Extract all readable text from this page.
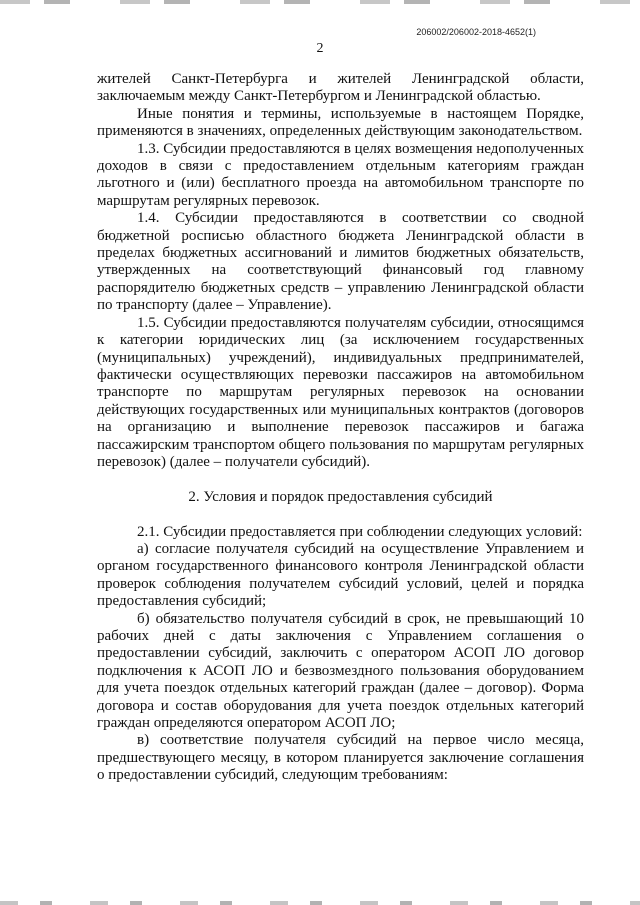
206002/206002-2018-4652(1)
2

жителей Санкт-Петербурга и жителей Ленинградской области, заключаемым между Санкт-Петербургом и Ленинградской областью.

Иные понятия и термины, используемые в настоящем Порядке, применяются в значениях, определенных действующим законодательством.

1.3. Субсидии предоставляются в целях возмещения недополученных доходов в связи с предоставлением отдельным категориям граждан льготного и (или) бесплатного проезда на автомобильном транспорте по маршрутам регулярных перевозок.

1.4. Субсидии предоставляются в соответствии со сводной бюджетной росписью областного бюджета Ленинградской области в пределах бюджетных ассигнований и лимитов бюджетных обязательств, утвержденных на соответствующий финансовый год главному распорядителю бюджетных средств – управлению Ленинградской области по транспорту (далее – Управление).

1.5. Субсидии предоставляются получателям субсидии, относящимся к категории юридических лиц (за исключением государственных (муниципальных) учреждений), индивидуальных предпринимателей, фактически осуществляющих перевозки пассажиров на автомобильном транспорте по маршрутам регулярных перевозок на основании действующих государственных или муниципальных контрактов (договоров на организацию и выполнение перевозок пассажиров и багажа пассажирским транспортом общего пользования по маршрутам регулярных перевозок) (далее – получатели субсидий).

2. Условия и порядок предоставления субсидий

2.1. Субсидии предоставляется при соблюдении следующих условий:

а) согласие получателя субсидий на осуществление Управлением и органом государственного финансового контроля Ленинградской области проверок соблюдения получателем субсидий условий, целей и порядка предоставления субсидий;

б) обязательство получателя субсидий в срок, не превышающий 10 рабочих дней с даты заключения с Управлением соглашения о предоставлении субсидий, заключить с оператором АСОП ЛО договор подключения к АСОП ЛО и безвозмездного пользования оборудованием для учета поездок отдельных категорий граждан (далее – договор). Форма договора и состав оборудования для учета поездок отдельных категорий граждан определяются оператором АСОП ЛО;

в) соответствие получателя субсидий на первое число месяца, предшествующего месяцу, в котором планируется заключение соглашения о предоставлении субсидий, следующим требованиям:
